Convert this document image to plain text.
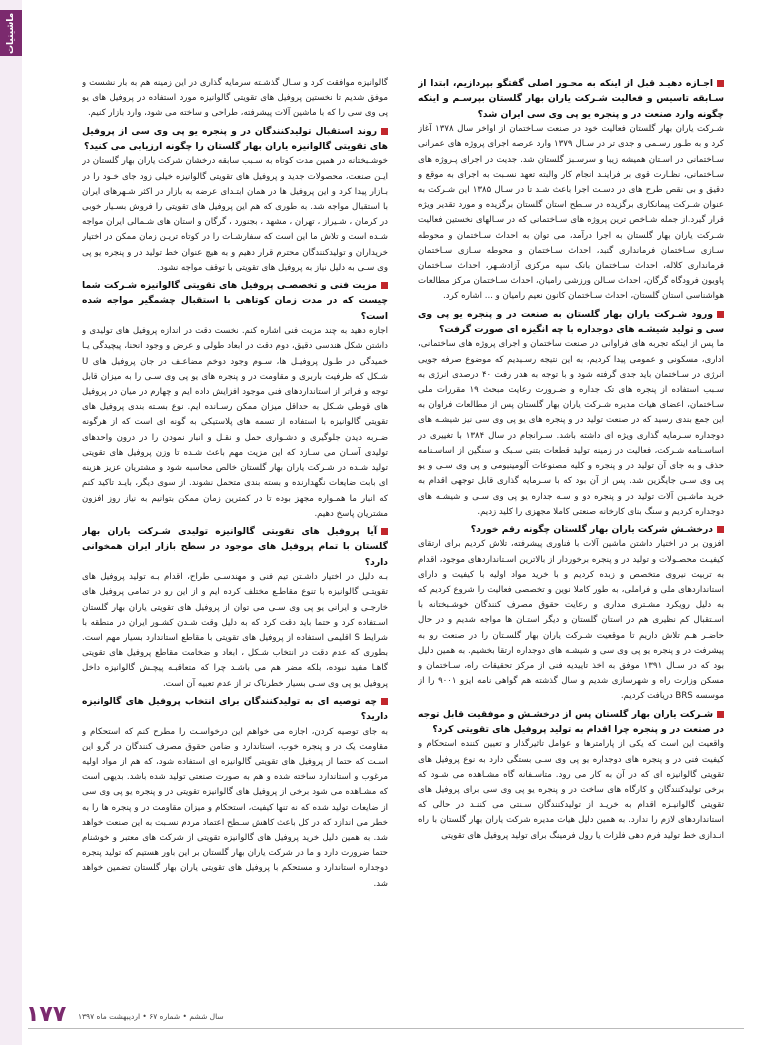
ماشینیات
اجـازه دهیـد قبل از اینکه به محـور اصلی گفتگو بپردازیم، ابتدا از سـابقه تاسیس و فعالیت شـرکت یاران بهار گلستان بپرسـم و اینکه چگونه وارد صنعت در و پنجره یو پی وی سی ایران شد؟
شـرکت یاران بهار گلستان فعالیت خود در صنعت سـاختمان از اواخر سال ۱۳۷۸ آغاز کرد و به طـور رسـمی و جدی تر در سـال ۱۳۷۹ وارد عرصه اجرای پروژه های عمرانی سـاختمانی در اسـتان همیشه زیبا و سرسـبز گلستان شد. جدیت در اجرای پـروژه های سـاختمانی، نظـارت قوی بر فراینـد انجام کار والبته تعهد نسـبت به اجرای به موقع و دقیق و بی نقص طرح های در دسـت اجرا باعث شـد تا در سـال ۱۳۸۵ این شـرکت به عنوان شـرکت پیمانکاری برگزیده در سـطح استان گلستان برگزیده و مورد تقدیر ویژه قرار گیرد.از جمله شـاخص ترین پروژه های سـاختمانی که در سـالهای نخستین فعالیت شـرکت یاران بهار گلستان به اجرا درآمد، می توان به احداث سـاختمان و محوطه سـازی سـاختمان فرمانداری گنبد، احداث سـاختمان و محوطه سـازی سـاختمان فرمانداری کلاله، احداث سـاختمان بانک سپه مرکزی آزادشـهر، احداث سـاختمان پاویون فرودگاه گرگان، احداث سـالن ورزشی رامیان، احداث سـاختمان مرکز مطالعات هواشناسی استان گلستان، احداث سـاختمان کانون نعیم رامیان و ... اشاره کرد.
ورود شـرکت یاران بهار گلستان به صنعت در و پنجره یو پی وی سی و تولید شیشـه های دوجداره با چه انگیزه ای صورت گرفت؟
ما پس از اینکه تجربه های فراوانی در صنعت ساختمان و اجرای پروژه های ساختمانی، اداری، مسکونی و عمومی پیدا کردیم، به این نتیجه رسـیدیم که موضوع صرفه جویی انرژی در سـاختمان باید جدی گرفته شود و با توجه به هدر رفت ۴۰ درصدی انرژی به سـبب استفاده از پنجره های تک جداره و ضـرورت رعایت مبحث ۱۹ مقررات ملی سـاختمان، اعضای هیات مدیره شـرکت یاران بهار گلستان پس از مطالعات فراوان به این جمع بندی رسید که در صنعت تولید در و پنجره های یو پی وی سی نیز شیشـه های دوجداره سـرمایه گذاری ویژه ای داشته باشد. سـرانجام در سال ۱۳۸۴ با تغییری در اساسـنامه شـرکت، فعالیت در زمینه تولید قطعات بتنی سـبک و سنگین از اساسـنامه حذف و به جای آن تولید در و پنجره و کلیه مصنوعات آلومینیومی و پی وی سـی و یو پی وی سـی جایگزین شد. پس از آن بود که با سـرمایه گذاری قابل توجهی اقدام به خرید ماشـین آلات تولید در و پنجره دو و سـه جداره یو پی وی سـی و شیشـه های دوجداره کردیم و سنگ بنای کارخانه صنعتی کاملا مجهزی را کلید زدیم.
درخشـش شرکت یاران بهار گلستان چگونه رقم خورد؟
افزون بر در اختیار داشتن ماشین آلات با فناوری پیشرفته، تلاش کردیم برای ارتقای کیفیـت محصـولات و تولید در و پنجره برخوردار از بالاترین اسـتانداردهای موجود، اقدام به تربیت نیروی متخصص و زبده کردیم و با خرید مواد اولیه با کیفیت و دارای استانداردهای ملی و فراملی، به طور کاملا نوین و تخصصی فعالیت را شروع کردیم که به دلیل رویکرد مشـتری مداری و رعایت حقوق مصرف کنندگان خوشـبختانه با اسـتقبال کم نظیری هم در استان گلستان و دیگر استـان ها مواجه شدیم و در حال حاضـر هـم تلاش داریم تا موقعیت شـرکت یاران بهار گلسـتان را در صنعت رو به پیشرفت در و پنجره یو پی وی سی و شیشـه های دوجداره ارتقا بخشیم. به همین دلیل بود که در سـال ۱۳۹۱ موفق به اخذ تاییدیه فنی از مرکز تحقیقات راه، سـاختمان و مسکن وزارت راه و شهرسازی شدیم و سال گذشته هم گواهی نامه ایزو ۹۰۰۱ را از موسسه BRS دریافت کردیم.
شـرکت یاران بهار گلستان پس از درخشـش و موفقیت قابل توجه در صنعت در و پنجره چرا اقدام به تولید پروفیل های تقویتی کرد؟
واقعیت این است که یکی از پارامترها و عوامل تاثیرگذار و تعیین کننده استحکام و کیفیت فنی در و پنجره های دوجداره یو پی وی سـی بستگی دارد به نوع پروفیل های تقویتی گالوانیزه ای که در آن به کار می رود. متاسـفانه گاه مشـاهده می شـود که برخی تولیدکنندگان و کارگاه های ساخت در و پنجره یو پی وی سی برای پروفیل های تقویتی گالوانیـزه اقدام به خریـد از تولیدکنندگان سـنتی می کننـد در حالی که استانداردهای لازم را ندارد. به همین دلیل هیات مدیره شرکت یاران بهار گلستان با راه انـدازی خط تولید فرم دهی فلزات یا رول فرمینگ برای تولید پروفیل های تقویتی
گالوانیزه موافقت کرد و سـال گذشـته سرمایه گذاری در این زمینه هم به بار نشست و موفق شدیم تا نخستین پروفیل های تقویتی گالوانیزه مورد استفاده در پروفیل های یو پی وی سی را که با ماشین آلات پیشرفته، طراحی و ساخته می شود، وارد بازار کنیم.
روند استقبال تولیدکنندگان در و پنجره یو پی وی سی از پروفیل های تقویتی گالوانیزه یاران بهار گلستان را چگونه ارزیابی می کنید؟
خوشـبختانه در همین مدت کوتاه به سـبب سابقه درخشان شرکت یاران بهار گلستان در ایـن صنعت، محصولات جدید و پروفیل های تقویتی گالوانیزه خیلی زود جای خـود را در بـازار پیدا کرد و این پروفیل ها در همان ابتـدای عرضه به بازار در اکثر شـهرهای ایران با استقبال مواجه شد. به طوری که هم این پروفیل های تقویتی را فروش بسـیار خوبی در کرمان ، شـیراز ، تهران ، مشهد ، بجنورد ، گرگان و استان های شـمالی ایران مواجه شـده است و تلاش ما این است که سفارشـات را در کوتاه تریـن زمان ممکن در اختیار خریداران و تولیدکنندگان محترم قرار دهیم و به هیچ عنوان خط تولید در و پنجره یو پی وی سـی به دلیل نیاز به پروفیل های تقویتی با توقف مواجه نشود.
مزیت فنی و تخصصـی پروفیل های تقویتی گالوانیزه شـرکت شما چیست که در مدت زمان کوتاهی با استقبال چشمگیر مواجه شده است؟
اجازه دهید به چند مزیت فنی اشاره کنم. نخست دقت در اندازه پروفیل های تولیدی و داشتن شکل هندسی دقیق، دوم دقت در ابعاد طولی و عرض و وجود انحنا، پیچیدگی یـا خمیدگی در طـول پروفیـل ها، سـوم وجود دوخم مضاعـف در جان پروفیل های U شـکل که ظرفیت باربری و مقاومت در و پنجره های یو پی وی سـی را به میزان قابل توجه و فراتر از استانداردهای فنی موجود افزایش داده ایم و چهارم در میان در پروفیل های قوطی شـکل به حداقل میزان ممکن رسـانده ایم. نوع بسـته بندی پروفیل های تقویتی گالوانیزه با استفاده از تسمه های پلاستیکی به گونه ای است که از هرگونه ضـربه دیدن جلوگیری و دشـواری حمل و نقـل و انبار نمودن را در درون واحدهای تولیدی آسـان می سـازد که این مزیت مهم باعث شـده تا وزن پروفیل های تقویتی تولید شـده در شـرکت یاران بهار گلستان خالص محاسبه شود و مشتریان عزیز هزینه ای بابت ضایعات نگهدارنده و بسته بندی متحمل نشوند. از سوی دیگر، بایـد تاکید کنم که انبار ما همـواره مجهز بوده تا در کمترین زمان ممکن بتوانیم به نیاز روز افزون مشتریان پاسخ دهیم.
آیا پروفیل های تقویتی گالوانیزه تولیدی شـرکت یاران بهار گلستان با تمام پروفیل های موجود در سطح بازار ایران همخوانی دارد؟
بـه دلیل در اختیار داشـتن تیم فنی و مهندسـی طراح، اقدام بـه تولید پروفیل های تقویتـی گالوانیزه با تنوع مقاطـع مختلف کرده ایم و از این رو در تمامی پروفیل های خارجـی و ایرانی یو پی وی سـی می توان از پروفیل های تقویتی یاران بهار گلستان اسـتفاده کرد و حتما باید دقت کرد که به دلیل وقت شـدن کشـور ایران در منطقه با شرایط S اقلیمی استفاده از پروفیل های تقویتی با مقاطع استاندارد بسیار مهم است. بطوری که عدم دقت در انتخاب شـکل ، ابعاد و ضخامت مقاطع پروفیل های تقویتی گاهـا مفید نبوده، بلکه مضر هم می باشـد چرا که متعاقبـه پیچـش گالوانیزه داخل پروفیل یو پی وی سـی بسیار خطرناک تر از عدم تعبیه آن است.
چه توصیه ای به تولیدکنندگان برای انتخاب پروفیل های گالوانیزه دارید؟
به جای توصیه کردن، اجازه می خواهم این درخواسـت را مطرح کنم که استحکام و مقاومت یک در و پنجره خوب، استاندارد و ضامن حقوق مصرف کنندگان در گرو این اسـت که حتما از پروفیل های تقویتی گالوانیزه ای استفاده شود، که هم از مواد اولیه مرغوب و استاندارد ساخته شده و هم به صورت صنعتی تولید شده باشد. بدیهی است که مشـاهده می شود برخی از پروفیل های گالوانیزه تقویتی در و پنجره یو پی وی سی از ضایعات تولید شده که نه تنها کیفیت، استحکام و میزان مقاومت در و پنجره ها را به خطر می اندازد که در کل باعث کاهش سـطح اعتماد مردم نسـبت به این صنعت خواهد شد. به همین دلیل خرید پروفیل های گالوانیزه تقویتی از شرکت های معتبر و خوشنام حتما ضرورت دارد و ما در شرکت یاران بهار گلستان بر این باور هستیم که تولید پنجره دوجداره استاندارد و مستحکم با پروفیل های تقویتی یاران بهار گلستان تضمین خواهد شد.
۱۷۷	سال ششم • شماره ۶۷ • اردیبهشت ماه ۱۳۹۷
